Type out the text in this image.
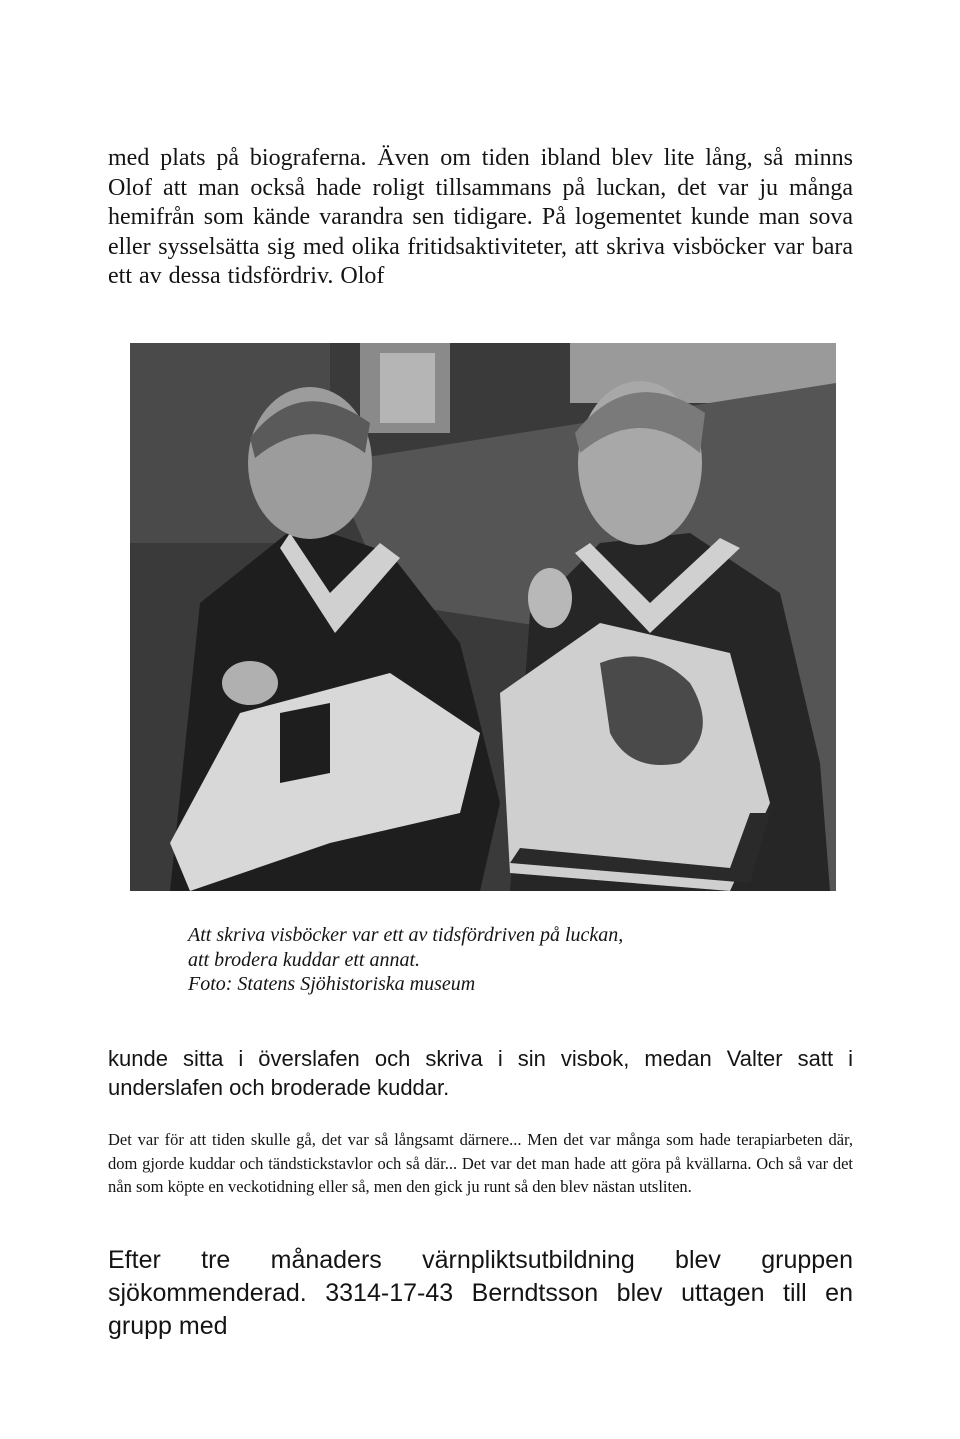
med plats på biograferna. Även om tiden ibland blev lite lång, så minns Olof att man också hade roligt tillsammans på luckan, det var ju många hemifrån som kände varandra sen tidigare. På logementet kunde man sova eller sysselsätta sig med olika fritidsaktiviteter, att skriva visböcker var bara ett av dessa tidsfördriv. Olof

Att skriva visböcker var ett av tidsfördriven på luckan,
att brodera kuddar ett annat.
Foto: Statens Sjöhistoriska museum

kunde sitta i överslafen och skriva i sin visbok, medan Valter satt i underslafen och broderade kuddar.

Det var för att tiden skulle gå, det var så långsamt därnere... Men det var många som hade terapiarbeten där, dom gjorde kuddar och tändstickstavlor och så där... Det var det man hade att göra på kvällarna. Och så var det nån som köpte en veckotidning eller så, men den gick ju runt så den blev nästan utsliten.

Efter tre månaders värnpliktsutbildning blev gruppen sjökommenderad. 3314-17-43 Berndtsson blev uttagen till en grupp med
